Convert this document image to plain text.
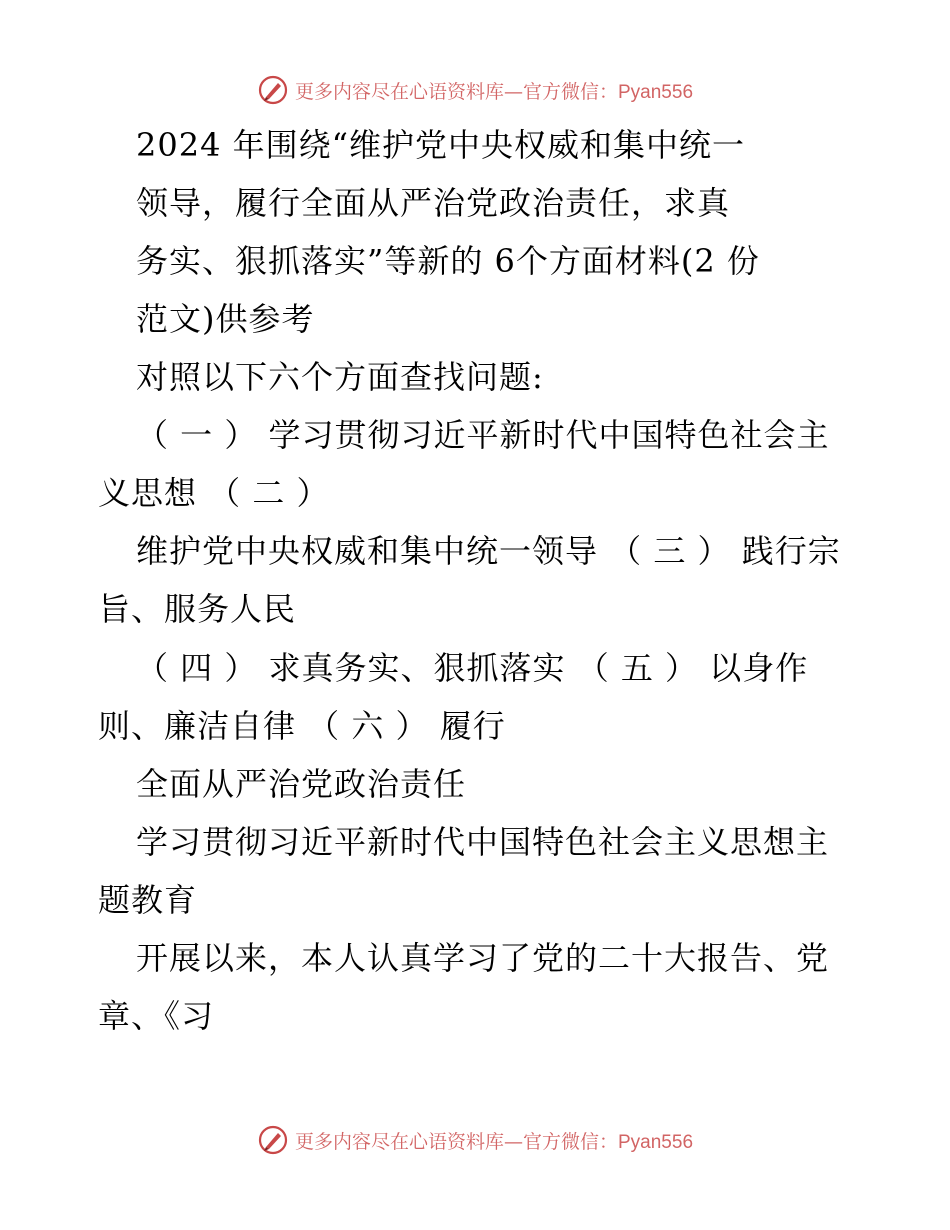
更多内容尽在心语资料库—官方微信：Pyan556
2024 年围绕“维护党中央权威和集中统一
领导，履行全面从严治党政治责任，求真
务实、狠抓落实”等新的 6个方面材料(2 份
范文)供参考
对照以下六个方面查找问题:
（ 一 ） 学习贯彻习近平新时代中国特色社会主
义思想 （ 二 ）
维护党中央权威和集中统一领导 （ 三 ） 践行宗
旨、服务人民
（ 四 ） 求真务实、狠抓落实 （ 五 ） 以身作
则、廉洁自律 （ 六 ） 履行
全面从严治党政治责任
学习贯彻习近平新时代中国特色社会主义思想主
题教育
开展以来，本人认真学习了党的二十大报告、党
章、《习
更多内容尽在心语资料库—官方微信：Pyan556
